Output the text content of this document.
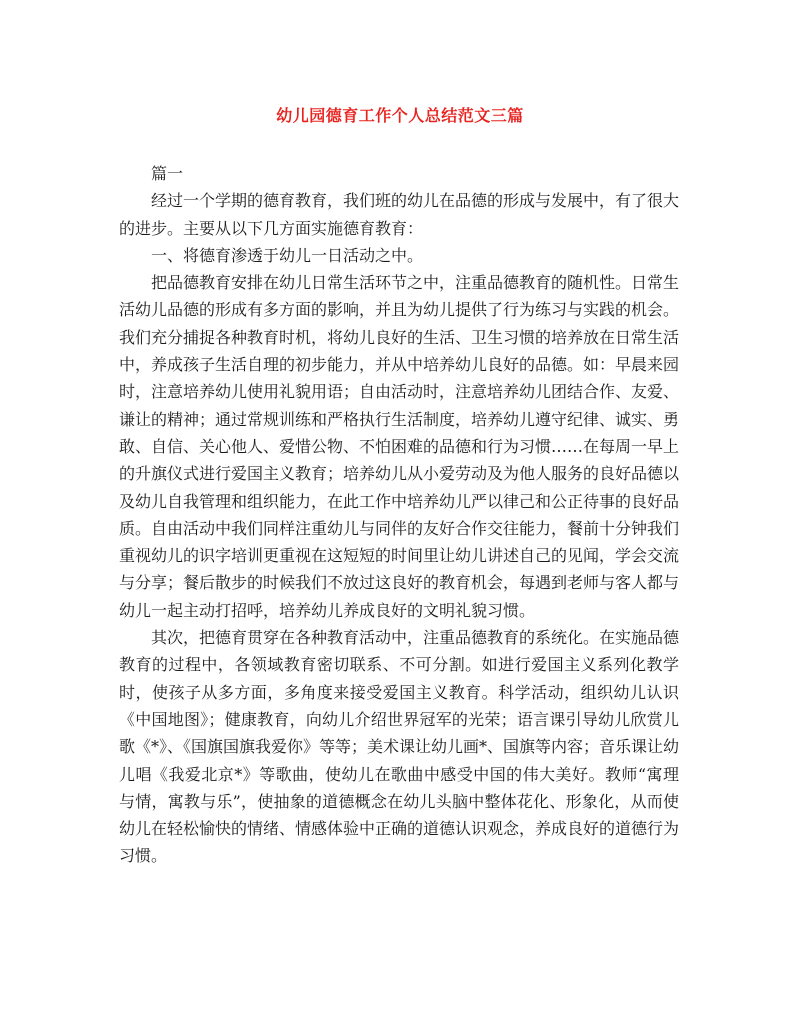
幼儿园德育工作个人总结范文三篇

篇一

经过一个学期的德育教育，我们班的幼儿在品德的形成与发展中，有了很大的进步。主要从以下几方面实施德育教育：

一、将德育渗透于幼儿一日活动之中。

把品德教育安排在幼儿日常生活环节之中，注重品德教育的随机性。日常生活幼儿品德的形成有多方面的影响，并且为幼儿提供了行为练习与实践的机会。我们充分捕捉各种教育时机，将幼儿良好的生活、卫生习惯的培养放在日常生活中，养成孩子生活自理的初步能力，并从中培养幼儿良好的品德。如：早晨来园时，注意培养幼儿使用礼貌用语；自由活动时，注意培养幼儿团结合作、友爱、谦让的精神；通过常规训练和严格执行生活制度，培养幼儿遵守纪律、诚实、勇敢、自信、关心他人、爱惜公物、不怕困难的品德和行为习惯……在每周一早上的升旗仪式进行爱国主义教育；培养幼儿从小爱劳动及为他人服务的良好品德以及幼儿自我管理和组织能力，在此工作中培养幼儿严以律己和公正待事的良好品质。自由活动中我们同样注重幼儿与同伴的友好合作交往能力，餐前十分钟我们重视幼儿的识字培训更重视在这短短的时间里让幼儿讲述自己的见闻，学会交流与分享；餐后散步的时候我们不放过这良好的教育机会，每遇到老师与客人都与幼儿一起主动打招呼，培养幼儿养成良好的文明礼貌习惯。

其次，把德育贯穿在各种教育活动中，注重品德教育的系统化。在实施品德教育的过程中，各领域教育密切联系、不可分割。如进行爱国主义系列化教学时，使孩子从多方面，多角度来接受爱国主义教育。科学活动，组织幼儿认识《中国地图》；健康教育，向幼儿介绍世界冠军的光荣；语言课引导幼儿欣赏儿歌《*》、《国旗国旗我爱你》等等；美术课让幼儿画*、国旗等内容；音乐课让幼儿唱《我爱北京*》等歌曲，使幼儿在歌曲中感受中国的伟大美好。教师“寓理与情，寓教与乐”，使抽象的道德概念在幼儿头脑中整体花化、形象化，从而使幼儿在轻松愉快的情绪、情感体验中正确的道德认识观念，养成良好的道德行为习惯。
